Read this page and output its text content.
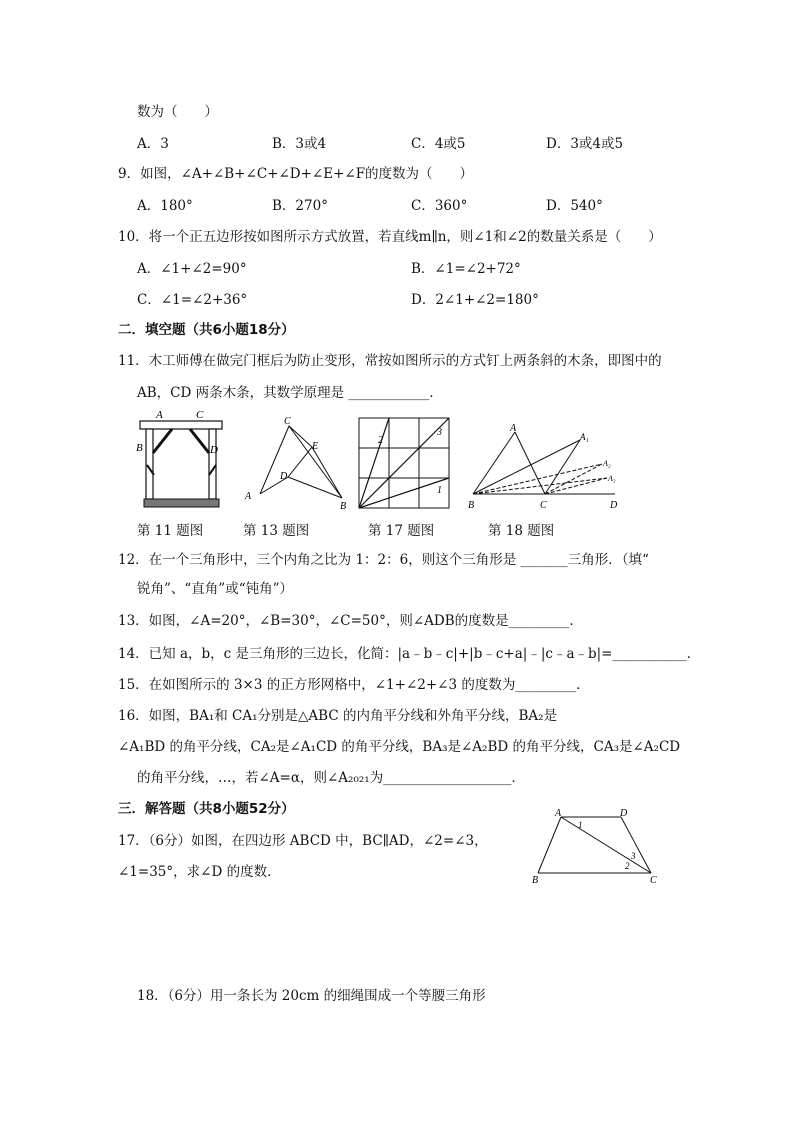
数为（　　）
A．3	B．3或4	C．4或5	D．3或4或5
9．如图，∠A+∠B+∠C+∠D+∠E+∠F的度数为（　　）
A．180°	B．270°	C．360°	D．540°
10．将一个正五边形按如图所示方式放置，若直线m∥n，则∠1和∠2的数量关系是（　　）
A．∠1+∠2=90°	B．∠1=∠2+72°
C．∠1=∠2+36°	D．2∠1+∠2=180°
二．填空题（共6小题18分）
11．木工师傅在做完门框后为防止变形，常按如图所示的方式钉上两条斜的木条，即图中的
AB，CD 两条木条，其数学原理是 ____________．
A	C
B	D
C
E
D
A
B
2
3
1
A
A₁
A₂
A₃
B	C	D
第 11 题图	第 13 题图	第 17 题图	第 18 题图
12．在一个三角形中，三个内角之比为 1：2：6，则这个三角形是 _______三角形．（填“
锐角”、“直角”或“钝角”）
13．如图，∠A=20°，∠B=30°，∠C=50°，则∠ADB的度数是_________．
14．已知 a，b，c 是三角形的三边长，化简：|a﹣b﹣c|+|b﹣c+a|﹣|c﹣a﹣b|=___________．
15．在如图所示的 3×3 的正方形网格中，∠1+∠2+∠3 的度数为_________．
16．如图，BA₁和 CA₁分别是△ABC 的内角平分线和外角平分线，BA₂是
∠A₁BD 的角平分线，CA₂是∠A₁CD 的角平分线，BA₃是∠A₂BD 的角平分线，CA₃是∠A₂CD
的角平分线，…，若∠A=α，则∠A₂₀₂₁为___________________．
三．解答题（共8小题52分）
17．（6分）如图，在四边形 ABCD 中，BC∥AD，∠2=∠3，
∠1=35°，求∠D 的度数．
A	D
1
3
2
B	C
18．（6分）用一条长为 20cm 的细绳围成一个等腰三角形
